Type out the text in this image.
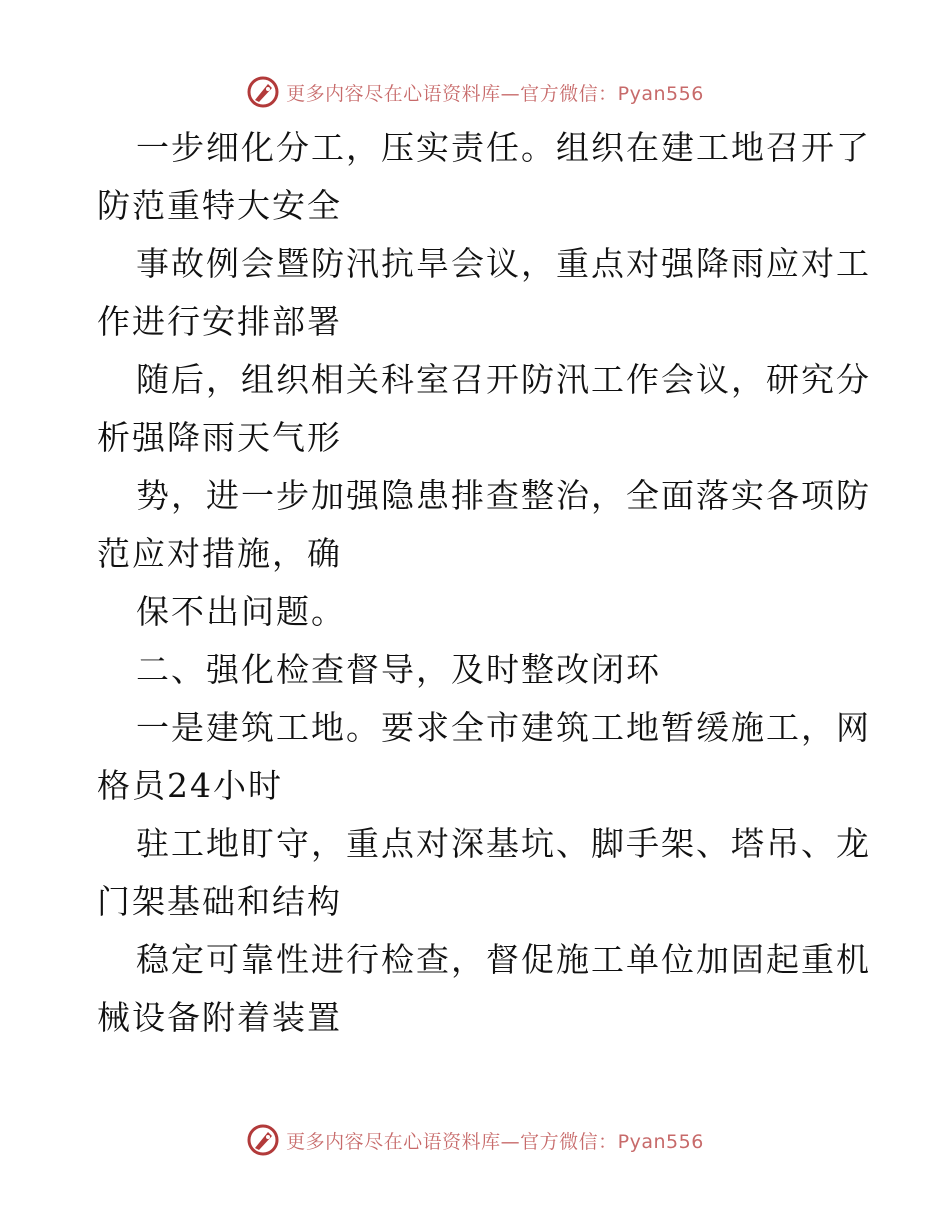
更多内容尽在心语资料库—官方微信：Pyan556
一步细化分工，压实责任。组织在建工地召开了
防范重特大安全
事故例会暨防汛抗旱会议，重点对强降雨应对工
作进行安排部署
随后，组织相关科室召开防汛工作会议，研究分
析强降雨天气形
势，进一步加强隐患排查整治，全面落实各项防
范应对措施，确
保不出问题。
二、强化检查督导，及时整改闭环
一是建筑工地。要求全市建筑工地暂缓施工，网
格员24小时
驻工地盯守，重点对深基坑、脚手架、塔吊、龙
门架基础和结构
稳定可靠性进行检查，督促施工单位加固起重机
械设备附着装置
更多内容尽在心语资料库—官方微信：Pyan556
